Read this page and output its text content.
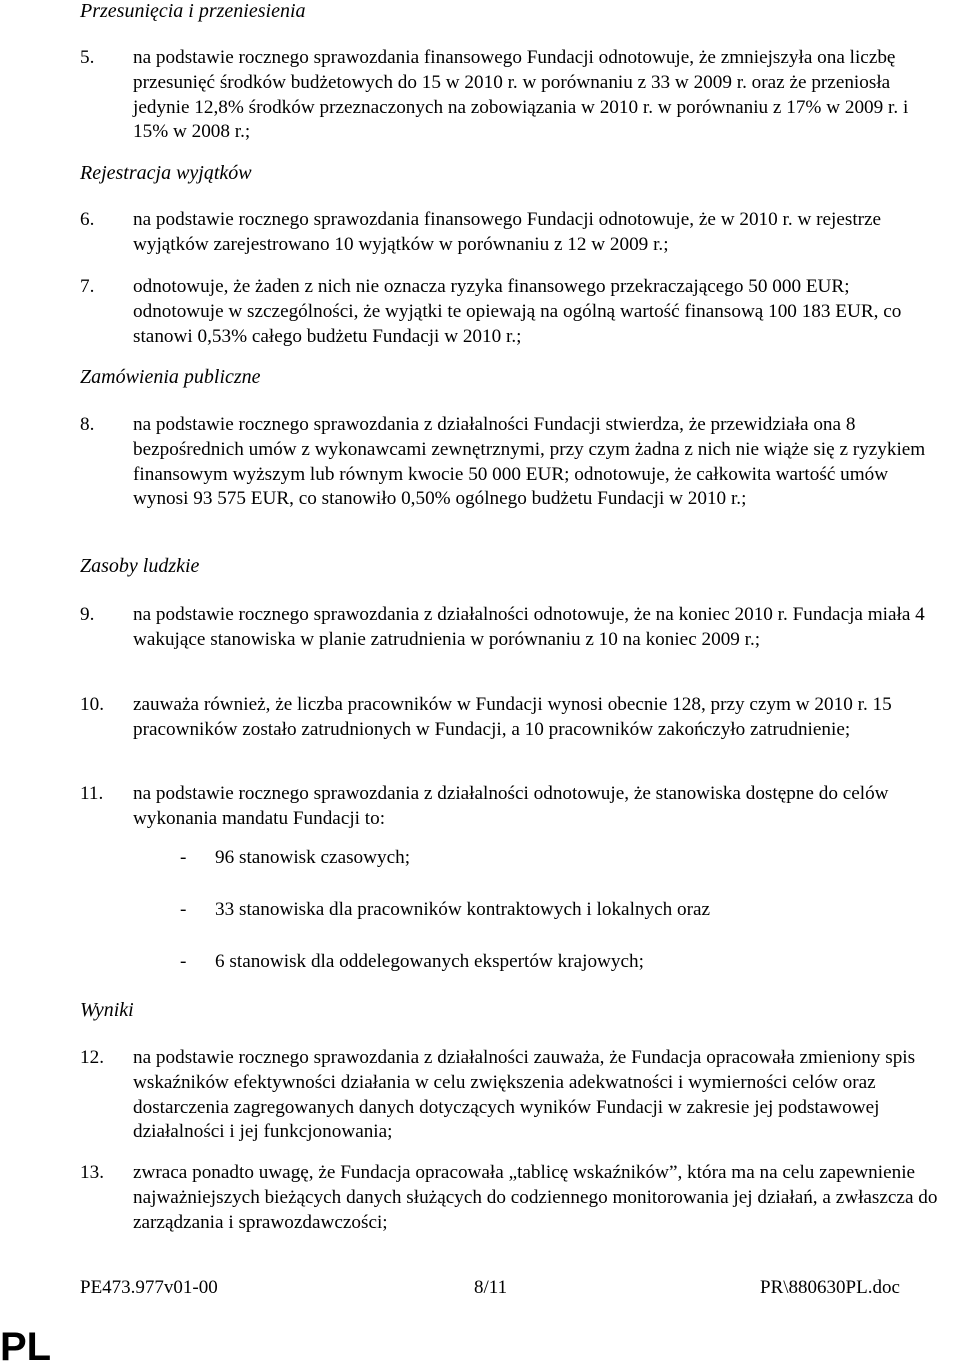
Przesunięcia i przeniesienia
5. na podstawie rocznego sprawozdania finansowego Fundacji odnotowuje, że zmniejszyła ona liczbę przesunięć środków budżetowych do 15 w 2010 r. w porównaniu z 33 w 2009 r. oraz że przeniosła jedynie 12,8% środków przeznaczonych na zobowiązania w 2010 r. w porównaniu z 17% w 2009 r. i 15% w 2008 r.;
Rejestracja wyjątków
6. na podstawie rocznego sprawozdania finansowego Fundacji odnotowuje, że w 2010 r. w rejestrze wyjątków zarejestrowano 10 wyjątków w porównaniu z 12 w 2009 r.;
7. odnotowuje, że żaden z nich nie oznacza ryzyka finansowego przekraczającego 50 000 EUR; odnotowuje w szczególności, że wyjątki te opiewają na ogólną wartość finansową 100 183 EUR, co stanowi 0,53% całego budżetu Fundacji w 2010 r.;
Zamówienia publiczne
8. na podstawie rocznego sprawozdania z działalności Fundacji stwierdza, że przewidziała ona 8 bezpośrednich umów z wykonawcami zewnętrznymi, przy czym żadna z nich nie wiąże się z ryzykiem finansowym wyższym lub równym kwocie 50 000 EUR; odnotowuje, że całkowita wartość umów wynosi 93 575 EUR, co stanowiło 0,50% ogólnego budżetu Fundacji w 2010 r.;
Zasoby ludzkie
9. na podstawie rocznego sprawozdania z działalności odnotowuje, że na koniec 2010 r. Fundacja miała 4 wakujące stanowiska w planie zatrudnienia w porównaniu z 10 na koniec 2009 r.;
10. zauważa również, że liczba pracowników w Fundacji wynosi obecnie 128, przy czym w 2010 r. 15 pracowników zostało zatrudnionych w Fundacji, a 10 pracowników zakończyło zatrudnienie;
11. na podstawie rocznego sprawozdania z działalności odnotowuje, że stanowiska dostępne do celów wykonania mandatu Fundacji to:
- 96 stanowisk czasowych;
- 33 stanowiska dla pracowników kontraktowych i lokalnych oraz
- 6 stanowisk dla oddelegowanych ekspertów krajowych;
Wyniki
12. na podstawie rocznego sprawozdania z działalności zauważa, że Fundacja opracowała zmieniony spis wskaźników efektywności działania w celu zwiększenia adekwatności i wymierności celów oraz dostarczenia zagregowanych danych dotyczących wyników Fundacji w zakresie jej podstawowej działalności i jej funkcjonowania;
13. zwraca ponadto uwagę, że Fundacja opracowała „tablicę wskaźników”, która ma na celu zapewnienie najważniejszych bieżących danych służących do codziennego monitorowania jej działań, a zwłaszcza do zarządzania i sprawozdawczości;
PE473.977v01-00	8/11	PR\880630PL.doc
PL
